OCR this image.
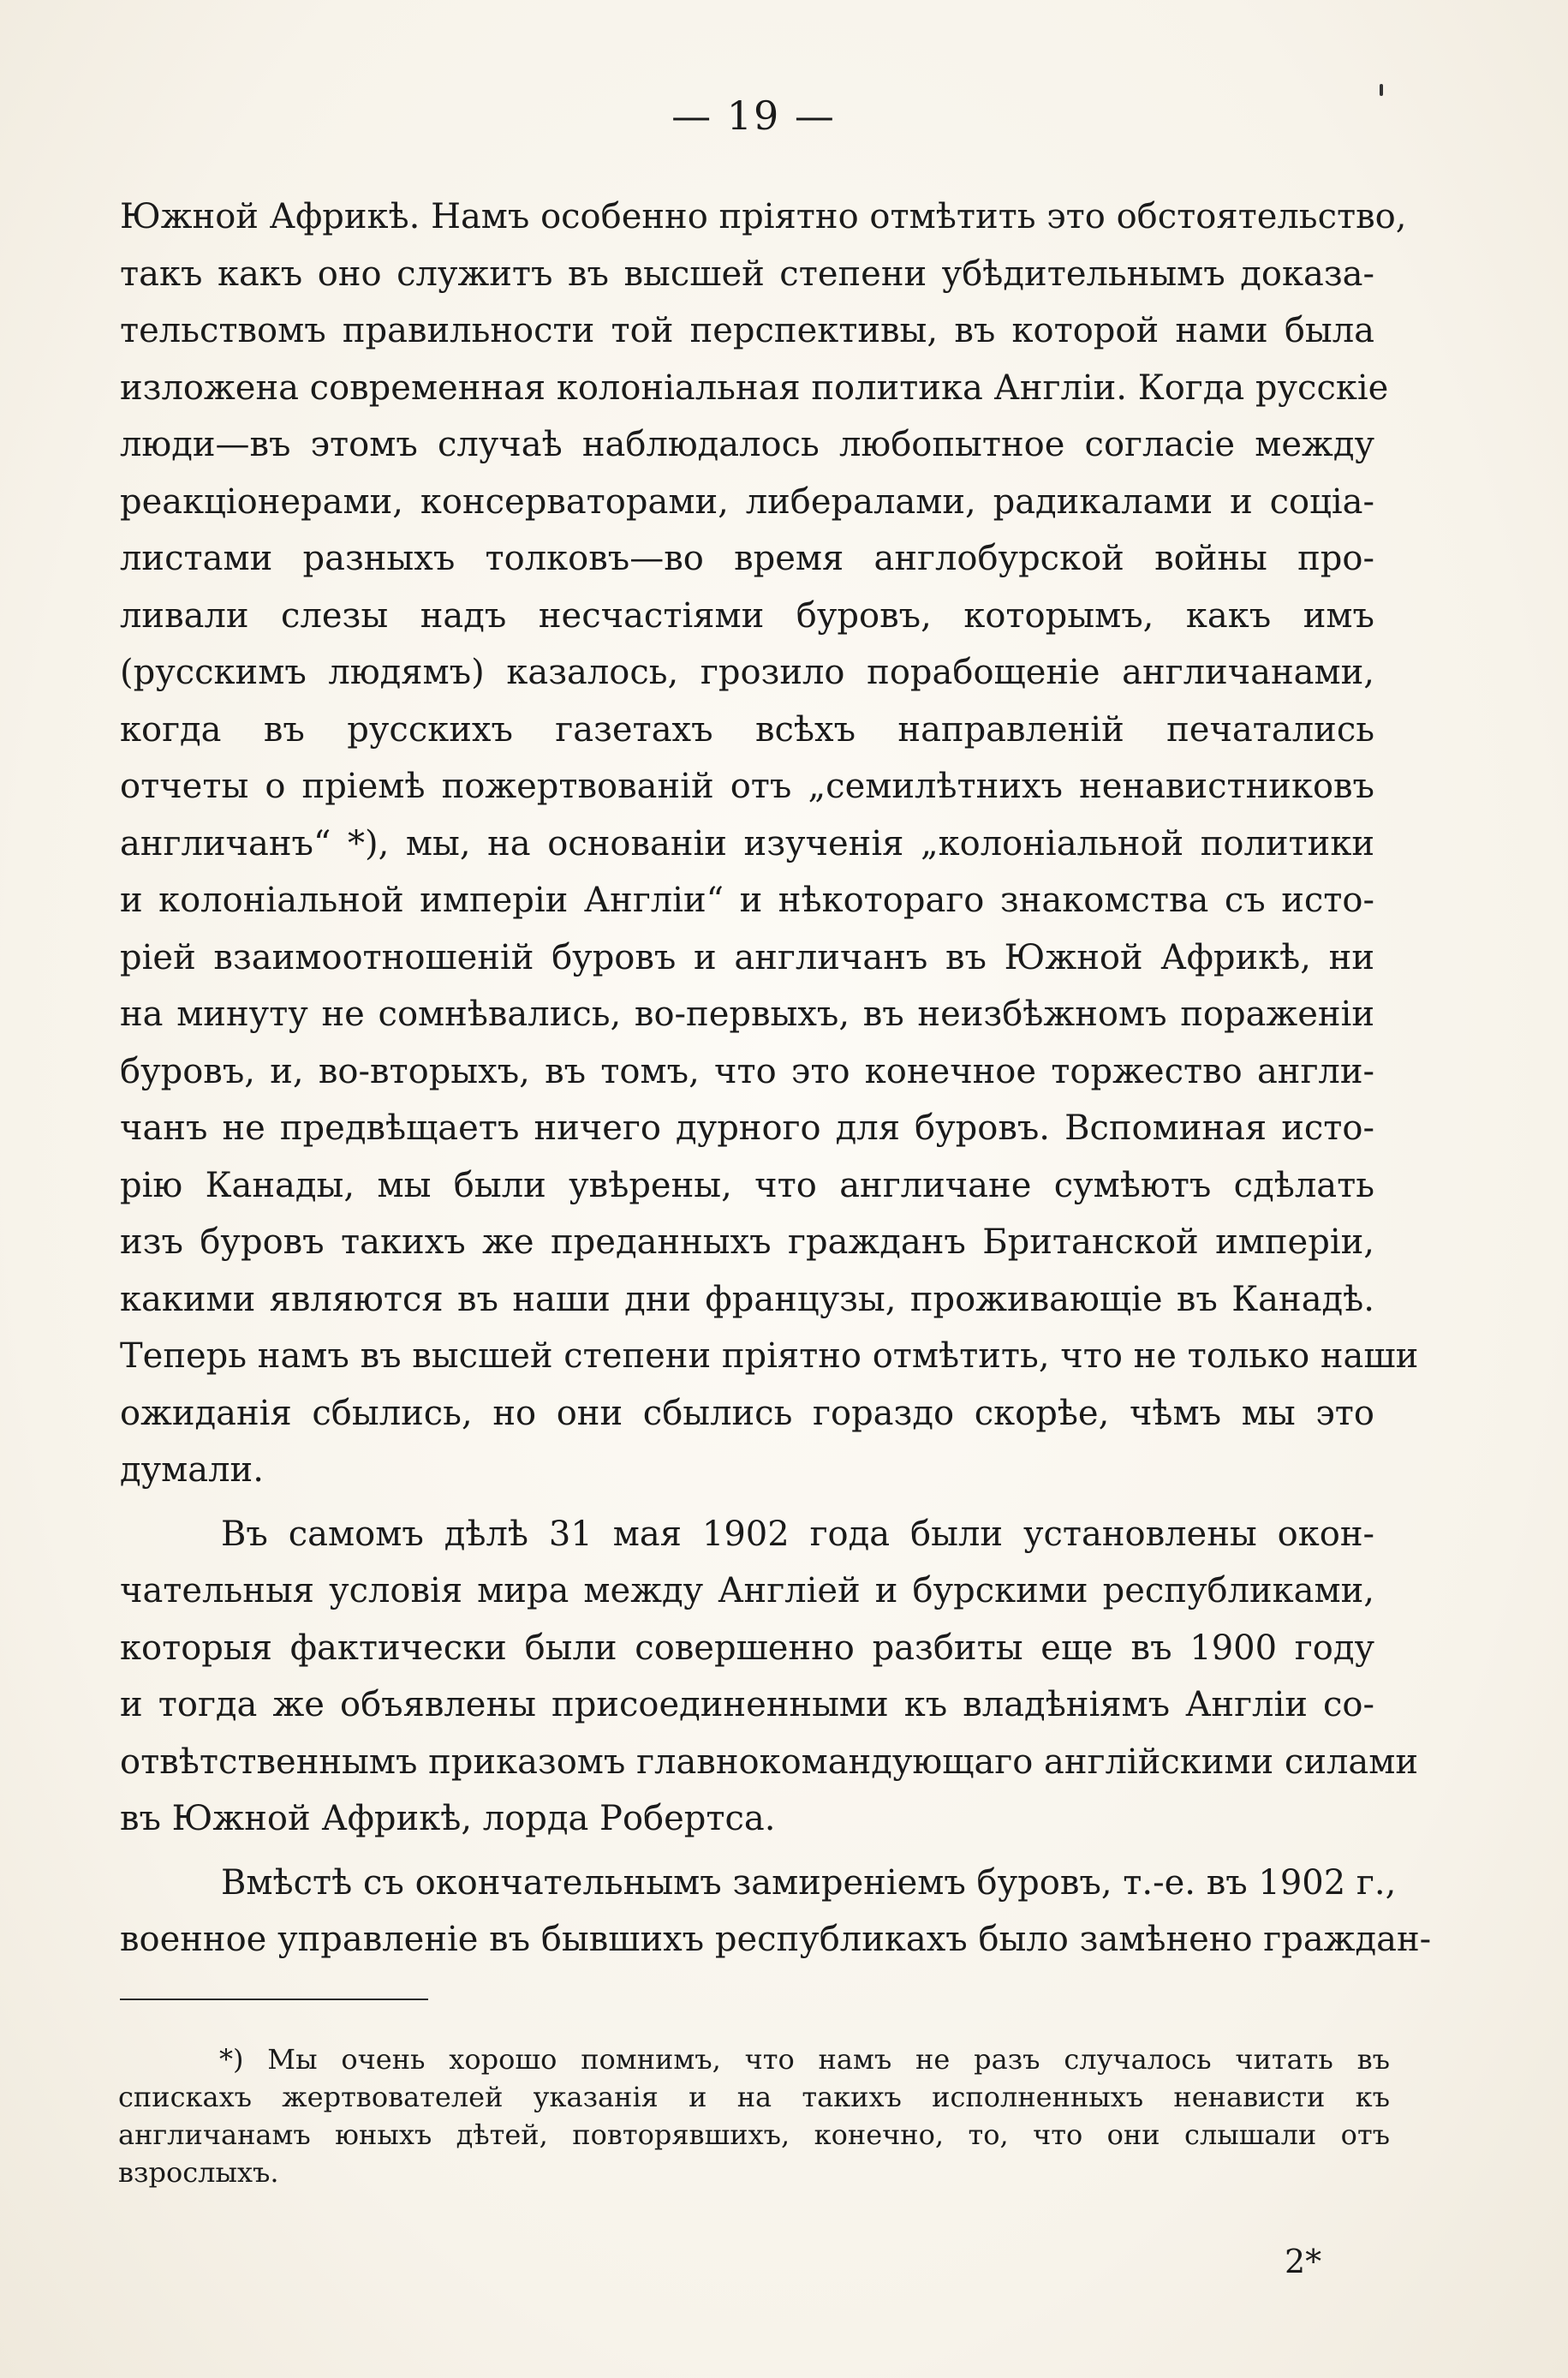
— 19 —
Южной Африкѣ. Намъ особенно пріятно отмѣтить это обстоятельство,
такъ какъ оно служитъ въ высшей степени убѣдительнымъ доказа-
тельствомъ правильности той перспективы, въ которой нами была
изложена современная колоніальная политика Англіи. Когда русскіе
люди—въ этомъ случаѣ наблюдалось любопытное согласіе между
реакціонерами, консерваторами, либералами, радикалами и соціа-
листами разныхъ толковъ—во время англобурской войны про-
ливали слезы надъ несчастіями буровъ, которымъ, какъ имъ
(русскимъ людямъ) казалось, грозило порабощеніе англичанами,
когда въ русскихъ газетахъ всѣхъ направленій печатались
отчеты о пріемѣ пожертвованій отъ „семилѣтнихъ ненавистниковъ
англичанъ“ *), мы, на основаніи изученія „колоніальной политики
и колоніальной имперіи Англіи“ и нѣкотораго знакомства съ исто-
ріей взаимоотношеній буровъ и англичанъ въ Южной Африкѣ, ни
на минуту не сомнѣвались, во-первыхъ, въ неизбѣжномъ пораженіи
буровъ, и, во-вторыхъ, въ томъ, что это конечное торжество англи-
чанъ не предвѣщаетъ ничего дурного для буровъ. Вспоминая исто-
рію Канады, мы были увѣрены, что англичане сумѣютъ сдѣлать
изъ буровъ такихъ же преданныхъ гражданъ Британской имперіи,
какими являются въ наши дни французы, проживающіе въ Канадѣ.
Теперь намъ въ высшей степени пріятно отмѣтить, что не только наши
ожиданія сбылись, но они сбылись гораздо скорѣе, чѣмъ мы это
думали.
Въ самомъ дѣлѣ 31 мая 1902 года были установлены окон-
чательныя условія мира между Англіей и бурскими республиками,
которыя фактически были совершенно разбиты еще въ 1900 году
и тогда же объявлены присоединенными къ владѣніямъ Англіи со-
отвѣтственнымъ приказомъ главнокомандующаго англійскими силами
въ Южной Африкѣ, лорда Робертса.
Вмѣстѣ съ окончательнымъ замиреніемъ буровъ, т.-е. въ 1902 г.,
военное управленіе въ бывшихъ республикахъ было замѣнено граждан-
*) Мы очень хорошо помнимъ, что намъ не разъ случалось читать въ
спискахъ жертвователей указанія и на такихъ исполненныхъ ненависти къ
англичанамъ юныхъ дѣтей, повторявшихъ, конечно, то, что они слышали отъ
взрослыхъ.
2*
